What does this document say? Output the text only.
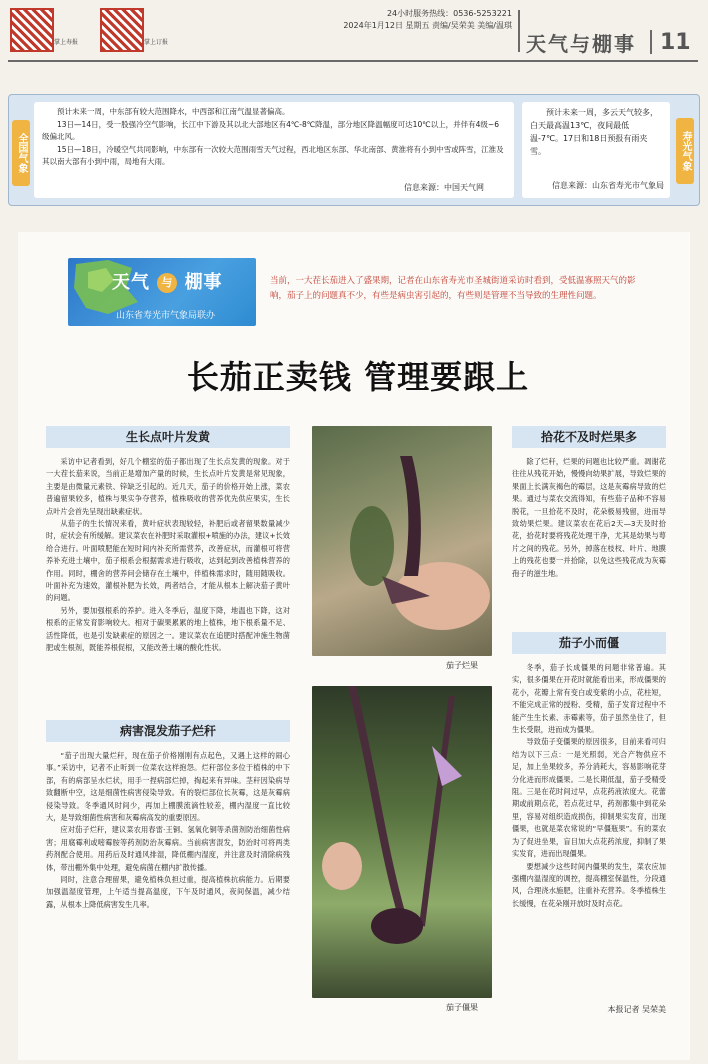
掌上寿报	掌上订报
24小时服务热线：0536-5253221
2024年1月12日 星期五 责编/吴荣美 美编/温琪
天气与棚事 11
全国气象
预计未来一周，中东部有较大范围降水，中西部和江南气温显著偏高。
13日—14日，受一股强冷空气影响，长江中下游及其以北大部地区有4℃-8℃降温，部分地区降温幅度可达10℃以上，并伴有4级~6级偏北风。
15日—18日，冷暖空气共同影响，中东部有一次较大范围雨雪天气过程，西北地区东部、华北南部、黄淮将有小到中雪或阵雪，江淮及其以南大部有小到中雨，局地有大雨。
信息来源：中国天气网
预计未来一周，多云天气较多，白天最高温13℃，夜间最低温-7℃。17日和18日预报有雨夹雪。
信息来源：山东省寿光市气象局
寿光气象
天气 与 棚事
山东省寿光市气象局联办
当前，一大茬长茄进入了盛果期，记者在山东省寿光市圣城街道采访时看到，受低温寡照天气的影响，茄子上的问题真不少，有些是病虫害引起的，有些则是管理不当导致的生理性问题。
长茄正卖钱 管理要跟上
生长点叶片发黄

采访中记者看到，好几个棚室的茄子都出现了生长点发黄的现象。对于一大茬长茄来说，当前正是增加产量的时候，生长点叶片发黄是常见现象，主要是由微量元素铁、锌缺乏引起的。近几天，茄子的价格开始上涨，菜农普遍留果较多，植株与果实争夺营养，植株吸收的营养优先供应果实，生长点叶片会首先呈现出缺素症状。

从茄子的生长情况来看，黄叶症状表现较轻，补肥后或者留果数量减少时，症状会有所缓解。建议菜农在补肥时采取灌根+喷施的办法，建议+长效给合进行。叶面喷肥能在短时间内补充所需营养，改善症状，而灌根可将营养补充进土壤中，茄子根系会根据需求进行吸收，达到起到改善植株营养的作用。同时，棚舍的营养问会储存在土壤中，伴植株需求时，随用随吸收。叶面补充为速效，灌根补肥为长效，两者结合，才能从根本上解决茄子黄叶的问题。

另外，要加强根系的养护。进入冬季后，温度下降，地温也下降，这对根系的正常发育影响较大。相对于碳果累累的地上植株，地下根系量不足、活性降低，也是引发缺素症的原因之一。建议菜农在追肥时搭配冲施生物菌肥或生根剂，既能养根促根，又能改善土壤的酸化性状。

病害混发茄子烂秆

“茄子出现大量烂秆，现在茄子价格刚刚有点起色，又遇上这样的闹心事。”采访中，记者不止听到一位菜农这样抱怨。烂秆部位多位于植株的中下部，有的病部呈水烂状，用手一捏病部烂掉，掏起来有异味。茎秆因染病导致翻断中空，这是细菌性病害侵染导致。有的裂烂部位长灰霉，这是灰霉病侵染导致。冬季通风时间少，再加上棚膜流滴性较差，棚内湿度一直比较大，是导致细菌性病害和灰霉病高发的重要原因。

应对茄子烂秆，建议菜农用春雷·王铜、氢氧化铜等杀菌剂防治细菌性病害；用腐霉利或嘧霉胺等药剂防治灰霉病。当前病害混发，防治时可将两类药剂配合使用。用药后及时通风排湿，降低棚内湿度，并注意及时清除病残体，带出棚外集中处理，避免病菌在棚内扩散传播。

同时，注意合理留果，避免植株负担过重，提高植株抗病能力。后期要加强温湿度管理，上午适当提高温度，下午及时通风，夜间保温，减少结露，从根本上降低病害发生几率。

茄子烂果
茄子僵果
拾花不及时烂果多

除了烂秆，烂果的问题也比较严重。凋谢花往往从残花开始，慢慢向幼果扩展，导致烂果的果面上长满灰褐色的霉层，这是灰霉病导致的烂果。通过与菜农交流得知，有些茄子品种不容易脱花，一旦拾花不及时，花朵极易残留，进而导致幼果烂果。建议菜农在花后2天—3天及时拾花，拾花时要将残花处理干净，尤其是幼果与萼片之间的残花。另外，掉落在枝杈、叶片、地膜上的残花也要一并拾除，以免这些残花成为灰霉孢子的滋生地。

茄子小而僵

冬季，茄子长成僵果的问题非常普遍。其实，很多僵果在开花时就能看出来，形成僵果的花小，花瓣上常有变白或变紫的小点，花柱短，不能完成正常的授粉、受精，茄子发育过程中不能产生生长素、赤霉素等，茄子虽然坐住了，但生长受限，进而成为僵果。

导致茄子变僵果的原因很多，目前来看可归结为以下三点：一是光照弱，光合产物供应不足，加上坐果较多，养分消耗大，容易影响花芽分化进而形成僵果。二是长期低温，茄子受精受阻。三是在花时间过早，点花药液浓度大。花蕾期或前期点花，若点花过早，药剂都集中到花朵里，容易对组织造成损伤，抑制果实发育，出现僵果，也就是菜农常说的“早僵瓶果”。有的菜农为了促进坐果，盲目加大点花药浓度，抑制了果实发育，进而出现僵果。

要想减少这些时间内僵果的发生，菜农应加强棚内温湿度的调控，提高棚室保温性，分段通风，合理浇水施肥，注重补充营养。冬季植株生长缓慢，在花朵刚开放时及时点花。

本报记者 吴荣美
